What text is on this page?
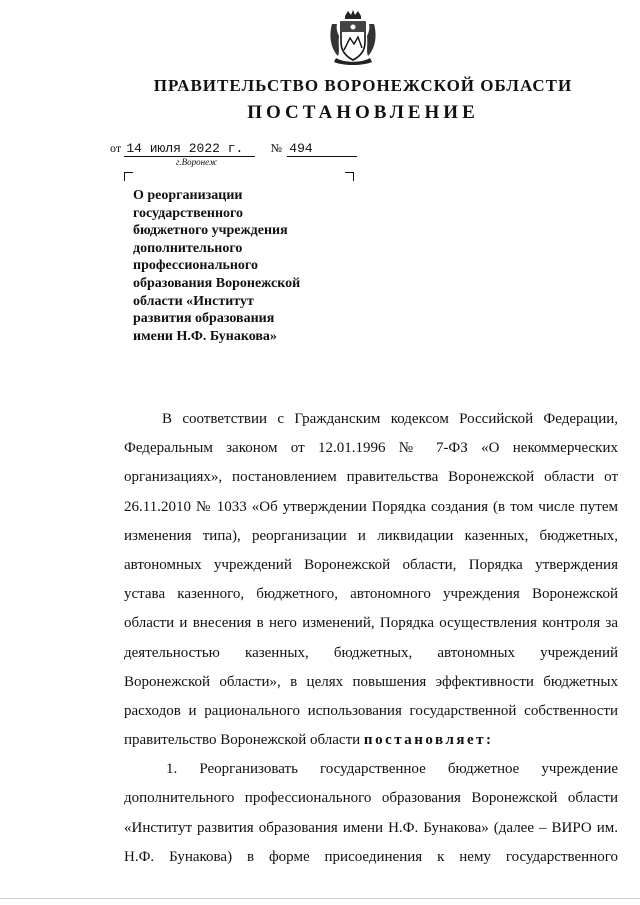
ПРАВИТЕЛЬСТВО ВОРОНЕЖСКОЙ ОБЛАСТИ
ПОСТАНОВЛЕНИЕ
от 14 июля 2022 г. № 494
г.Воронеж
О реорганизации
государственного
бюджетного учреждения
дополнительного
профессионального
образования Воронежской
области «Институт
развития образования
имени Н.Ф. Бунакова»
В соответствии с Гражданским кодексом Российской Федерации,
Федеральным законом от 12.01.1996 № 7-ФЗ «О некоммерческих
организациях», постановлением правительства Воронежской области от
26.11.2010 № 1033 «Об утверждении Порядка создания (в том числе путем
изменения типа), реорганизации и ликвидации казенных, бюджетных,
автономных учреждений Воронежской области, Порядка утверждения
устава казенного, бюджетного, автономного учреждения Воронежской
области и внесения в него изменений, Порядка осуществления контроля за
деятельностью казенных, бюджетных, автономных учреждений
Воронежской области», в целях повышения эффективности бюджетных
расходов и рационального использования государственной собственности
правительство Воронежской области постановляет:
1. Реорганизовать государственное бюджетное учреждение
дополнительного профессионального образования Воронежской области
«Институт развития образования имени Н.Ф. Бунакова» (далее – ВИРО им.
Н.Ф. Бунакова) в форме присоединения к нему государственного
